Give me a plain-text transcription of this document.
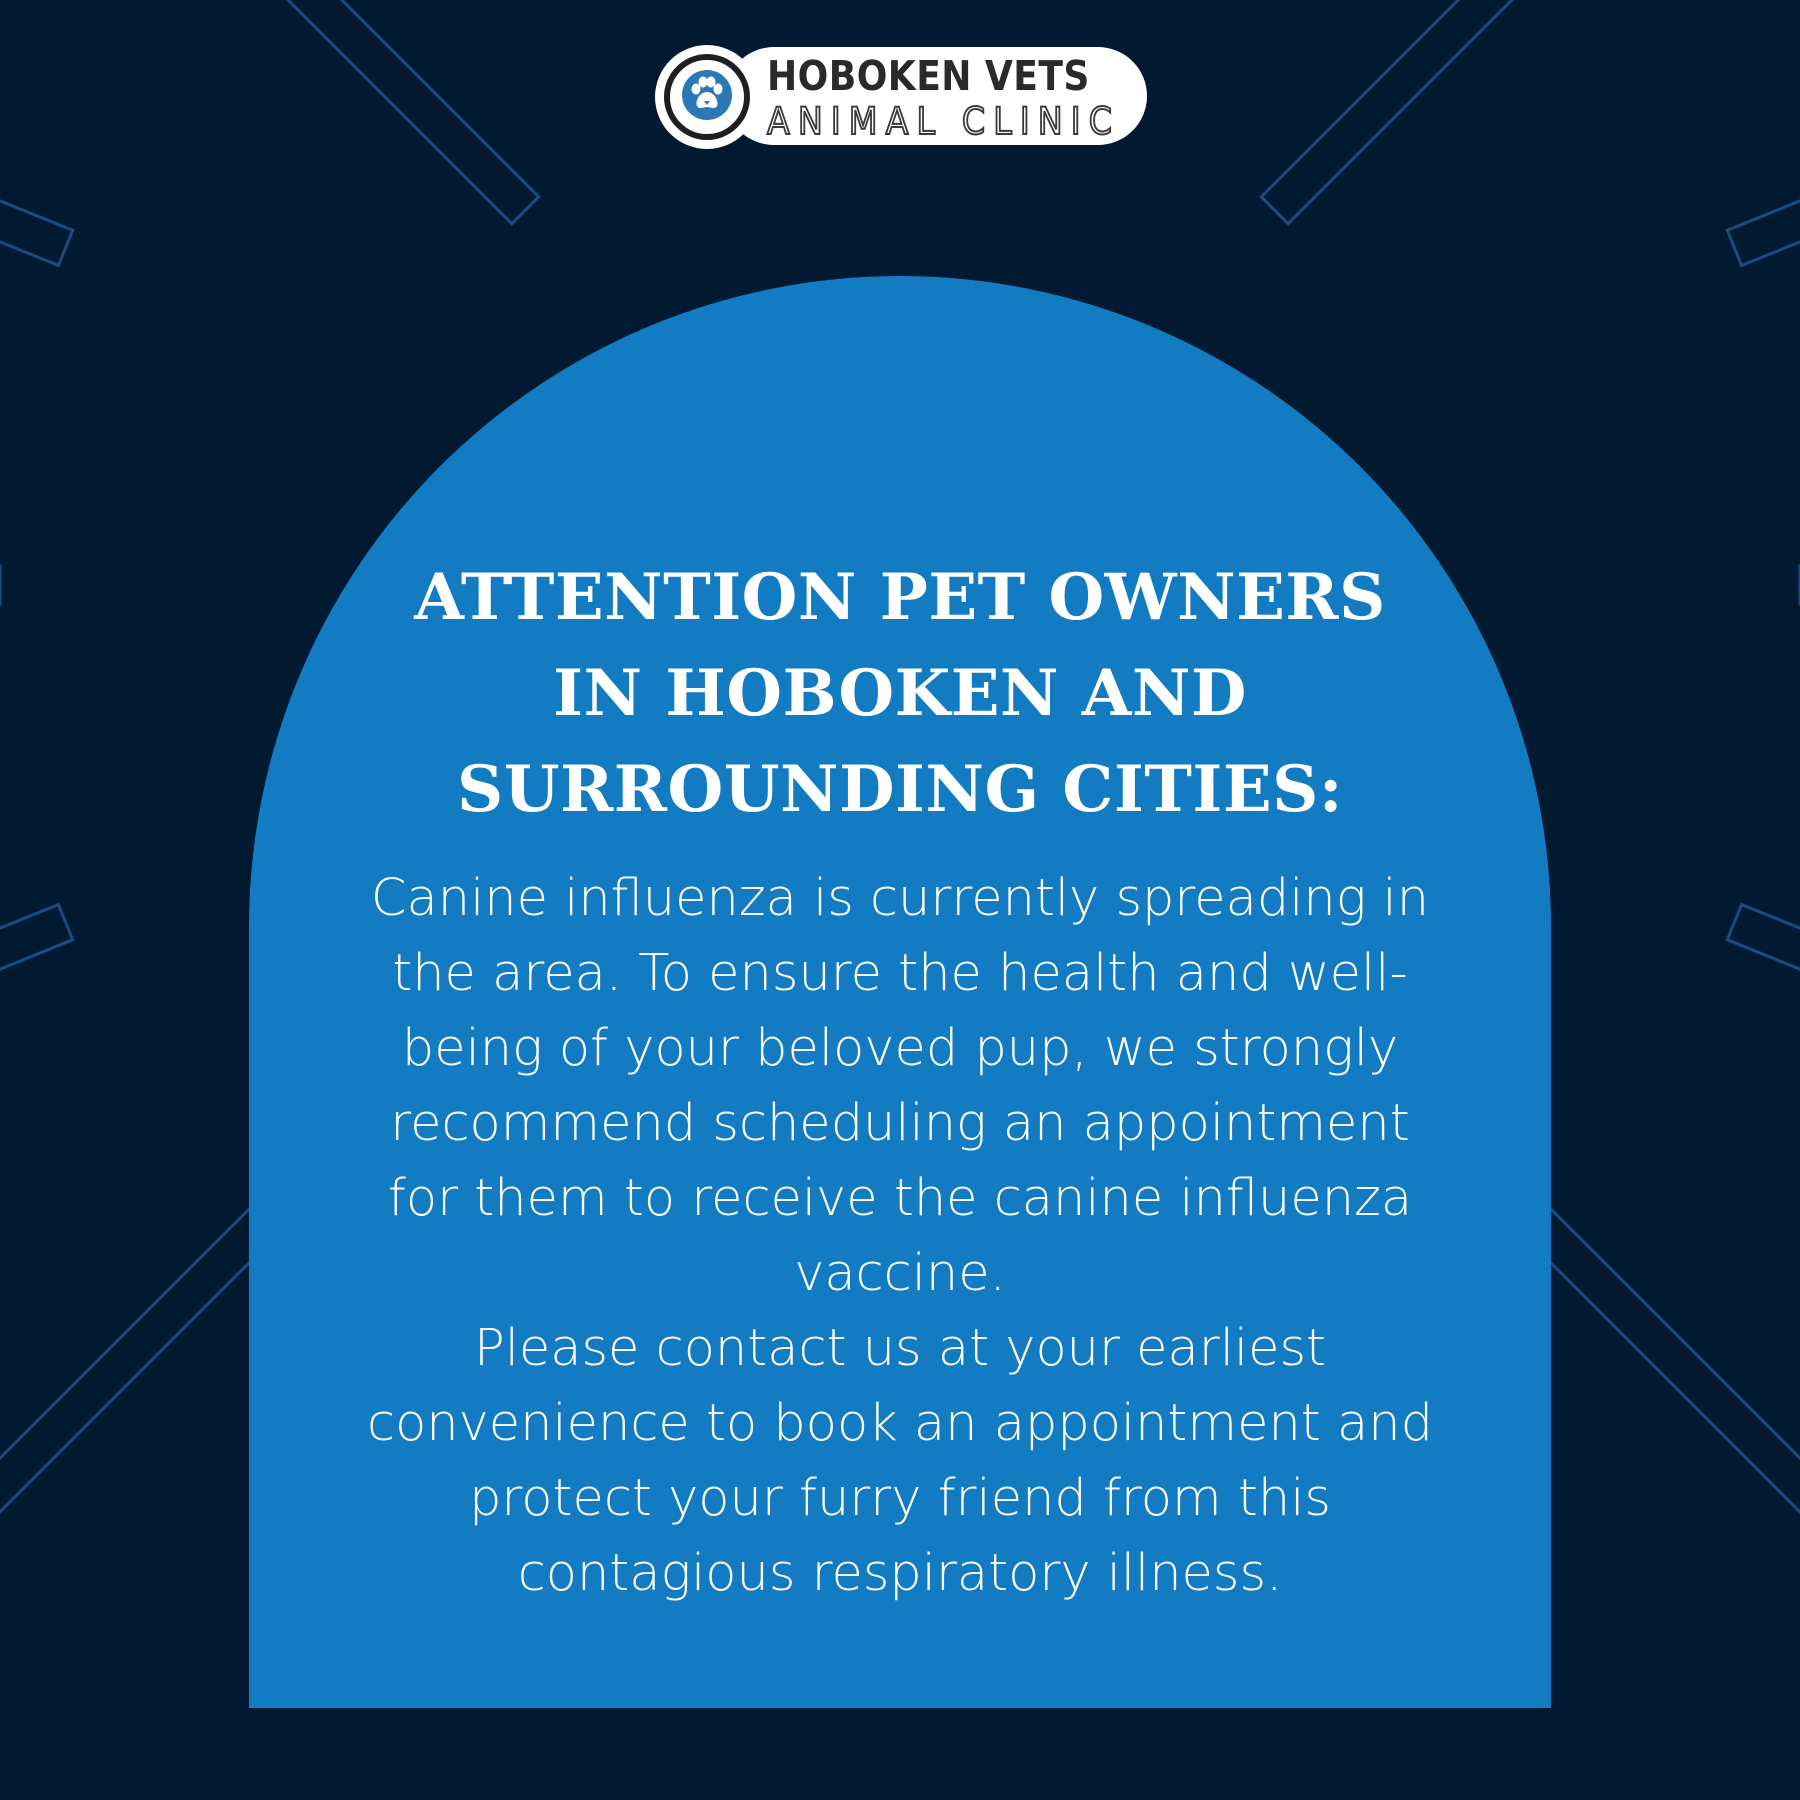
ATTENTION PET OWNERS
IN HOBOKEN AND
SURROUNDING CITIES:

Canine influenza is currently spreading in the area. To ensure the health and well-being of your beloved pup, we strongly recommend scheduling an appointment for them to receive the canine influenza vaccine.

Please contact us at your earliest convenience to book an appointment and protect your furry friend from this contagious respiratory illness.

HOBOKEN VETS
ANIMAL CLINIC
